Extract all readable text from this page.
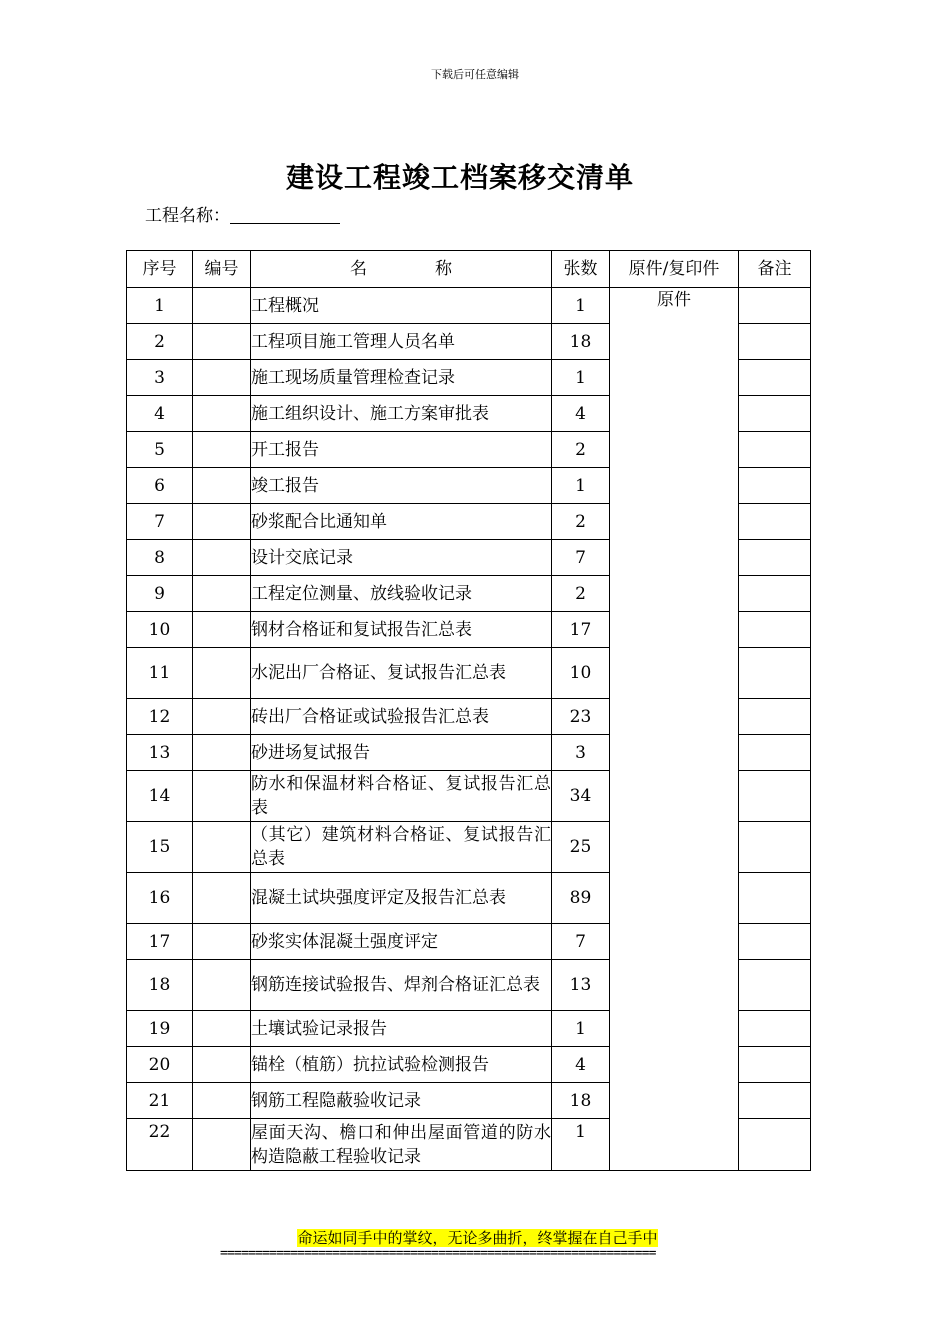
下载后可任意编辑
建设工程竣工档案移交清单
工程名称：
序号	编号	名　　　　称	张数	原件/复印件	备注
1		工程概况	1	原件	
2		工程项目施工管理人员名单	18		
3		施工现场质量管理检查记录	1		
4		施工组织设计、施工方案审批表	4		
5		开工报告	2		
6		竣工报告	1		
7		砂浆配合比通知单	2		
8		设计交底记录	7		
9		工程定位测量、放线验收记录	2		
10		钢材合格证和复试报告汇总表	17		
11		水泥出厂合格证、复试报告汇总表	10		
12		砖出厂合格证或试验报告汇总表	23		
13		砂进场复试报告	3		
14		防水和保温材料合格证、复试报告汇总表	34		
15		（其它）建筑材料合格证、复试报告汇总表	25		
16		混凝土试块强度评定及报告汇总表	89		
17		砂浆实体混凝土强度评定	7		
18		钢筋连接试验报告、焊剂合格证汇总表	13		
19		土壤试验记录报告	1		
20		锚栓（植筋）抗拉试验检测报告	4		
21		钢筋工程隐蔽验收记录	18		
22		屋面天沟、檐口和伸出屋面管道的防水构造隐蔽工程验收记录	1		
命运如同手中的掌纹，无论多曲折，终掌握在自己手中
==============================================================
